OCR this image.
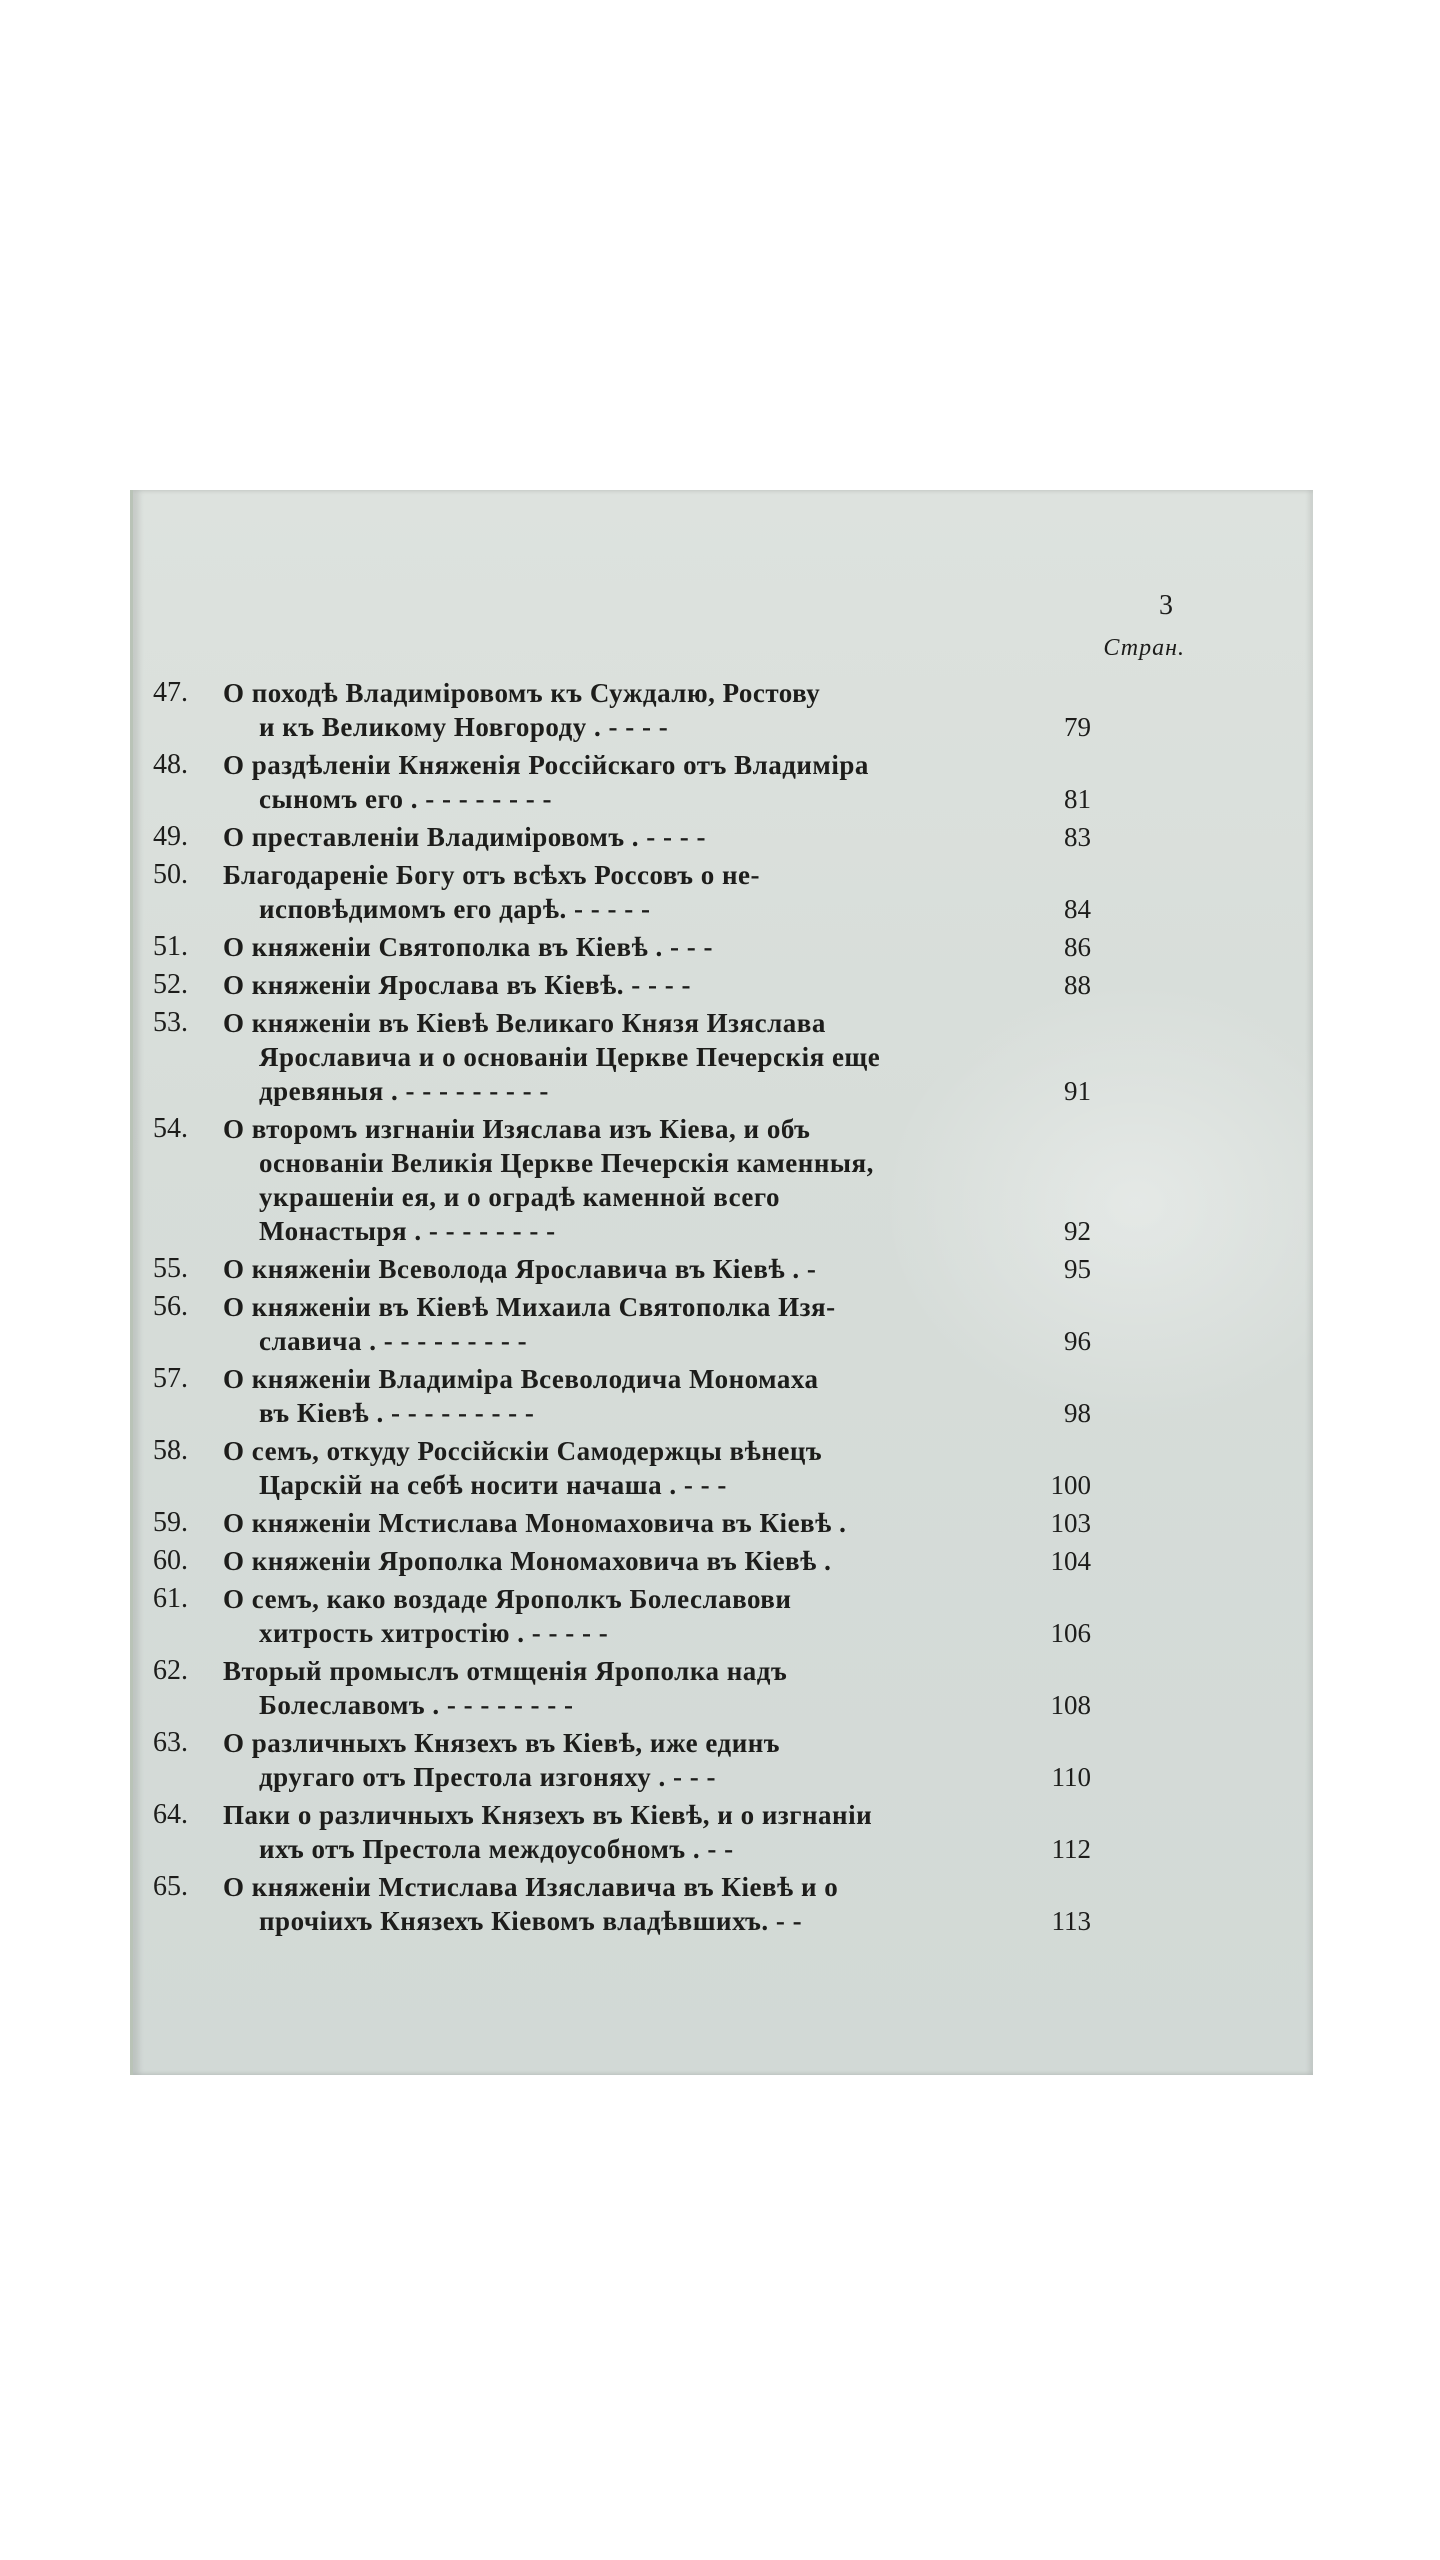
3
Стран.
47.	О походѣ Владиміровомъ къ Суждалю, Ростову
и къ Великому Новгороду . - - - -	79
48.	О раздѣленіи Княженія Россійскаго отъ Владиміра
сыномъ его . - - - - - - - -	81
49.	О преставленіи Владиміровомъ . - - - -	83
50.	Благодареніе Богу отъ всѣхъ Россовъ о не-
исповѣдимомъ его дарѣ. - - - - -	84
51.	О княженіи Святополка въ Кіевѣ . - - -	86
52.	О княженіи Ярослава въ Кіевѣ. - - - -	88
53.	О княженіи въ Кіевѣ Великаго Князя Изяслава
Ярославича и о основаніи Церкве Печерскія еще
древяныя . - - - - - - - - -	91
54.	О второмъ изгнаніи Изяслава изъ Кіева, и объ
основаніи Великія Церкве Печерскія каменныя,
украшеніи ея, и о оградѣ каменной всего
Монастыря . - - - - - - - -	92
55.	О княженіи Всеволода Ярославича въ Кіевѣ . -	95
56.	О княженіи въ Кіевѣ Михаила Святополка Изя-
славича . - - - - - - - - -	96
57.	О княженіи Владиміра Всеволодича Мономаха
въ Кіевѣ . - - - - - - - - -	98
58.	О семъ, откуду Россійскіи Самодержцы вѣнецъ
Царскій на себѣ носити начаша . - - -	100
59.	О княженіи Мстислава Мономаховича въ Кіевѣ .	103
60.	О княженіи Ярополка Мономаховича въ Кіевѣ .	104
61.	О семъ, како воздаде Ярополкъ Болеславови
хитрость хитростію . - - - - -	106
62.	Вторый промыслъ отмщенія Ярополка надъ
Болеславомъ . - - - - - - - -	108
63.	О различныхъ Князехъ въ Кіевѣ, иже единъ
другаго отъ Престола изгоняху . - - -	110
64.	Паки о различныхъ Князехъ въ Кіевѣ, и о изгнаніи
ихъ отъ Престола междоусобномъ . - -	112
65.	О княженіи Мстислава Изяславича въ Кіевѣ и о
прочіихъ Князехъ Кіевомъ владѣвшихъ. - -	113
